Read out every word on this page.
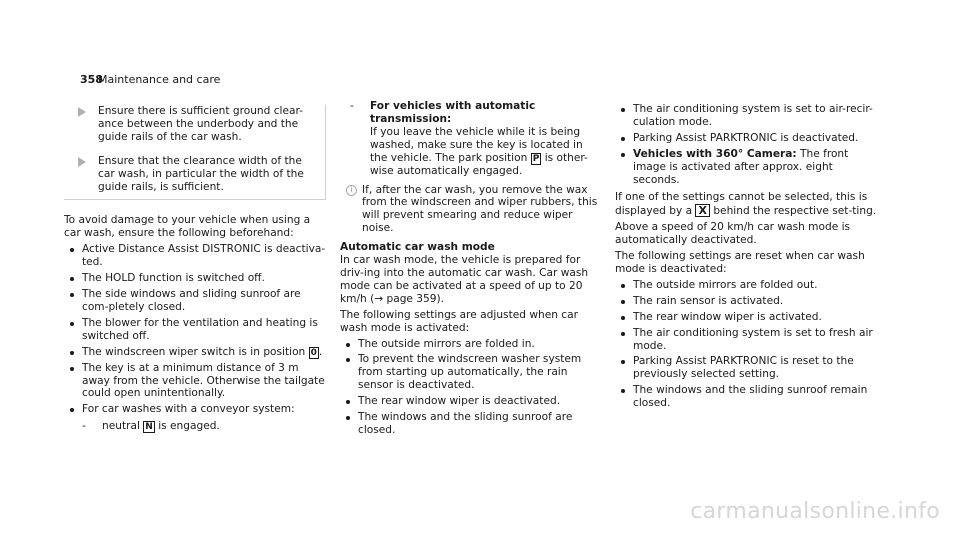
358
Maintenance and care
Ensure there is sufficient ground clear-ance between the underbody and the guide rails of the car wash.
Ensure that the clearance width of the car wash, in particular the width of the guide rails, is sufficient.

To avoid damage to your vehicle when using a car wash, ensure the following beforehand:

Active Distance Assist DISTRONIC is deactiva-ted.
The HOLD function is switched off.
The side windows and sliding sunroof are com-pletely closed.
The blower for the ventilation and heating is switched off.
The windscreen wiper switch is in position 0 .
The key is at a minimum distance of 3 m away from the vehicle. Otherwise the tailgate could open unintentionally.
For car washes with a conveyor system:
- neutral N is engaged.
- For vehicles with automatic transmission:
If you leave the vehicle while it is being washed, make sure the key is located in the vehicle. The park position P is other-wise automatically engaged.
i If, after the car wash, you remove the wax from the windscreen and wiper rubbers, this will prevent smearing and reduce wiper noise.
Automatic car wash mode

In car wash mode, the vehicle is prepared for driv-ing into the automatic car wash. Car wash mode can be activated at a speed of up to 20 km/h (→ page 359).

The following settings are adjusted when car wash mode is activated:

The outside mirrors are folded in.
To prevent the windscreen washer system from starting up automatically, the rain sensor is deactivated.
The rear window wiper is deactivated.
The windows and the sliding sunroof are closed.
The air conditioning system is set to air-recir-culation mode.
Parking Assist PARKTRONIC is deactivated.
Vehicles with 360° Camera: The front image is activated after approx. eight seconds.

If one of the settings cannot be selected, this is displayed by a X behind the respective set-ting.

Above a speed of 20 km/h car wash mode is automatically deactivated.

The following settings are reset when car wash mode is deactivated:

The outside mirrors are folded out.
The rain sensor is activated.
The rear window wiper is activated.
The air conditioning system is set to fresh air mode.
Parking Assist PARKTRONIC is reset to the previously selected setting.
The windows and the sliding sunroof remain closed.
carmanualsonline.info
